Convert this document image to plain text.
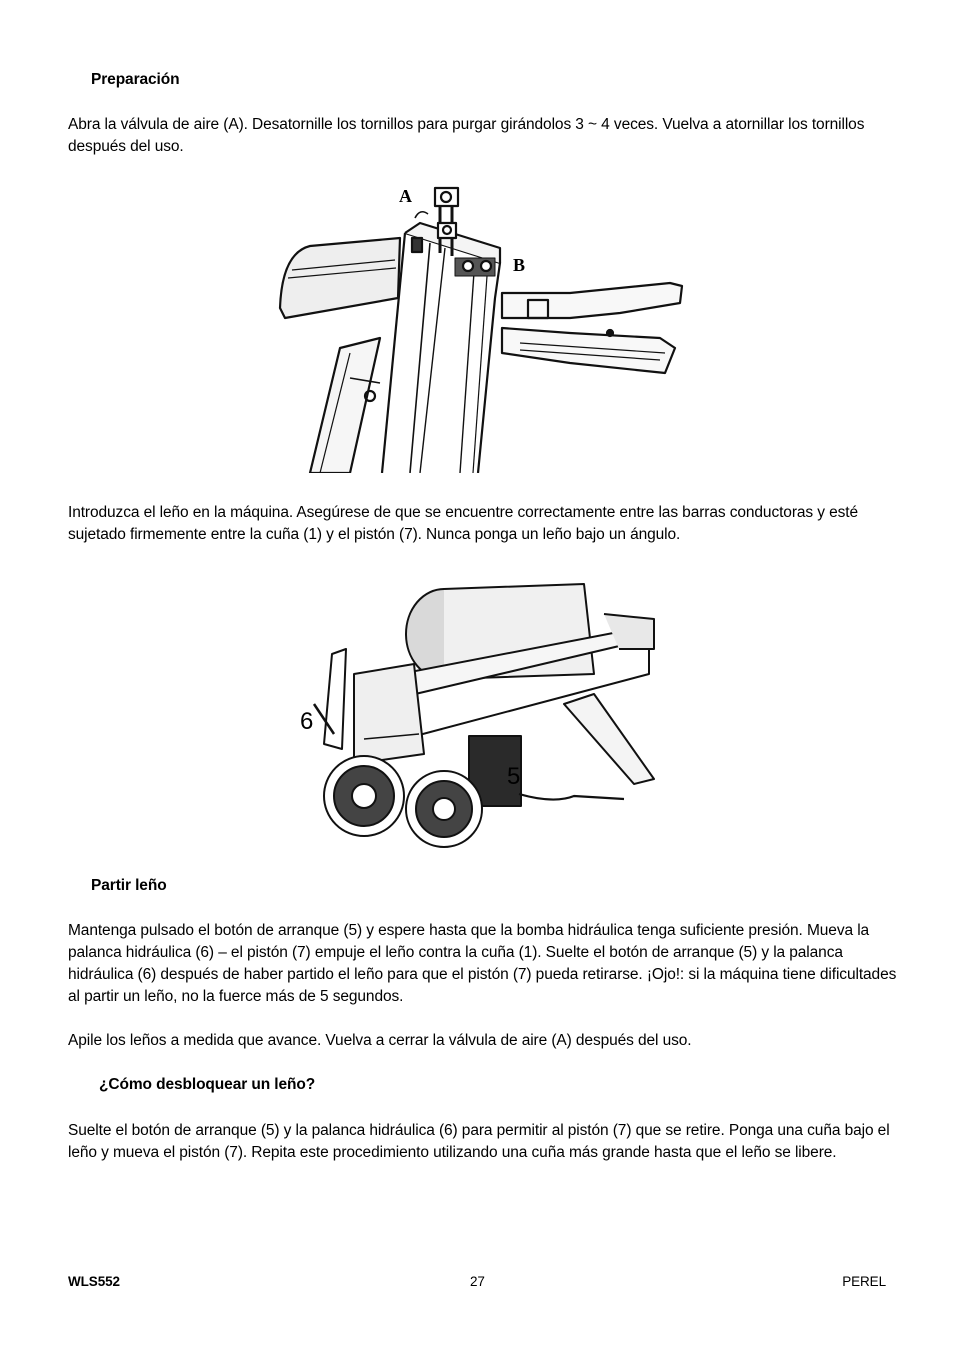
Preparación
Abra la válvula de aire (A). Desatornille los tornillos para purgar girándolos 3 ~ 4 veces. Vuelva a atornillar los tornillos después del uso.
A
B
Introduzca el leño en la máquina. Asegúrese de que se encuentre correctamente entre las barras conductoras y esté sujetado firmemente entre la cuña (1) y el pistón (7). Nunca ponga un leño bajo un ángulo.
6
5
Partir leño
Mantenga pulsado el botón de arranque (5) y espere hasta que la bomba hidráulica tenga suficiente presión. Mueva la palanca hidráulica (6) – el pistón (7) empuje el leño contra la cuña (1). Suelte el botón de arranque (5) y la palanca hidráulica (6) después de haber partido el leño para que el pistón (7) pueda retirarse. ¡Ojo!: si la máquina tiene dificultades al partir un leño, no la fuerce más de 5 segundos.
Apile los leños a medida que avance. Vuelva a cerrar la válvula de aire (A) después del uso.
¿Cómo desbloquear un leño?
Suelte el botón de arranque (5) y la palanca hidráulica (6) para permitir al pistón (7) que se retire. Ponga una cuña bajo el leño y mueva el pistón (7). Repita este procedimiento utilizando una cuña más grande hasta que el leño se libere.
WLS552	27	PEREL
